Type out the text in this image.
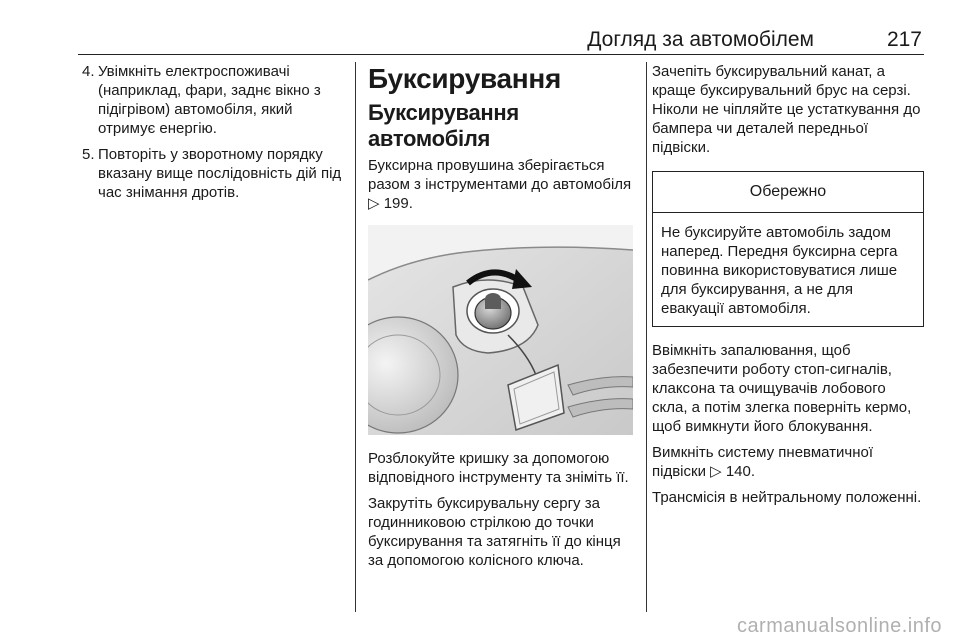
Догляд за автомобілем	217
4. Увімкніть електроспоживачі (наприклад, фари, заднє вікно з підігрівом) автомобіля, який отримує енергію.
5. Повторіть у зворотному порядку вказану вище послідовність дій під час знімання дротів.
Буксирування
Буксирування автомобіля

Буксирна провушина зберігається разом з інструментами до автомобіля ▷ 199.

Розблокуйте кришку за допомогою відповідного інструменту та зніміть її.

Закрутіть буксирувальну сергу за годинниковою стрілкою до точки буксирування та затягніть її до кінця за допомогою колісного ключа.

Зачепіть буксирувальний канат, а краще буксирувальний брус на серзі. Ніколи не чіпляйте це устаткування до бампера чи деталей передньої підвіски.

Обережно
Не буксируйте автомобіль задом наперед. Передня буксирна серга повинна використовуватися лише для буксирування, а не для евакуації автомобіля.

Ввімкніть запалювання, щоб забезпечити роботу стоп-сигналів, клаксона та очищувачів лобового скла, а потім злегка поверніть кермо, щоб вимкнути його блокування.

Вимкніть систему пневматичної підвіски ▷ 140.

Трансмісія в нейтральному положенні.

carmanualsonline.info
